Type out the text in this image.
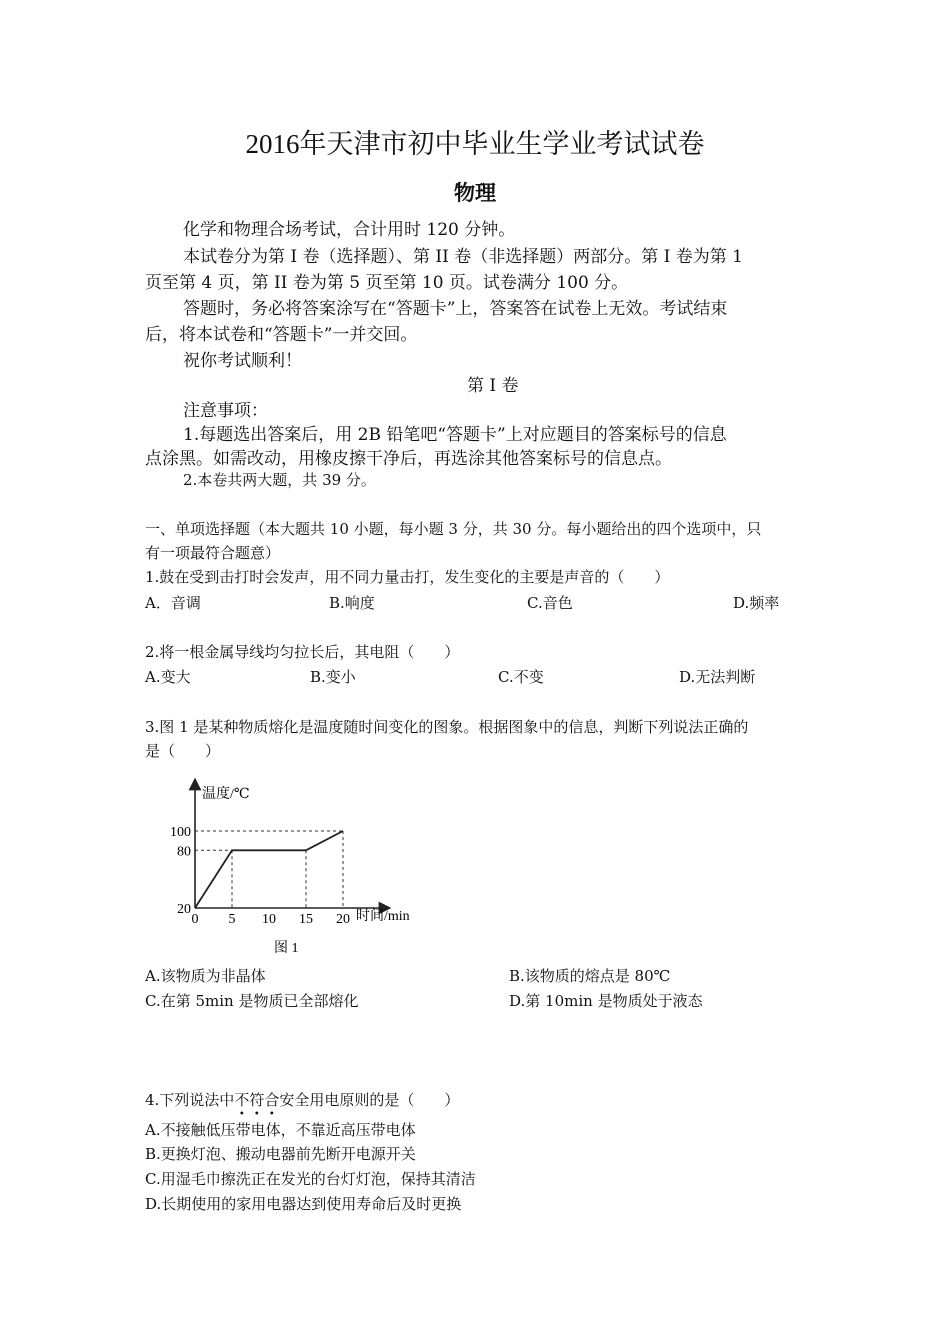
2016年天津市初中毕业生学业考试试卷
物理
化学和物理合场考试，合计用时 120 分钟。
本试卷分为第 I 卷（选择题）、第 II 卷（非选择题）两部分。第 I 卷为第 1
页至第 4 页，第 II 卷为第 5 页至第 10 页。试卷满分 100 分。
答题时，务必将答案涂写在“答题卡”上，答案答在试卷上无效。考试结束
后，将本试卷和“答题卡”一并交回。
祝你考试顺利！
第 I 卷
注意事项：
1.每题选出答案后，用 2B 铅笔吧“答题卡”上对应题目的答案标号的信息
点涂黑。如需改动，用橡皮擦干净后，再选涂其他答案标号的信息点。
2.本卷共两大题，共 39 分。
一、单项选择题（本大题共 10 小题，每小题 3 分，共 30 分。每小题给出的四个选项中，只
有一项最符合题意）
1.鼓在受到击打时会发声，用不同力量击打，发生变化的主要是声音的（　　）
A．音调	B.响度	C.音色	D.频率
2.将一根金属导线均匀拉长后，其电阻（　　）
A.变大	B.变小	C.不变	D.无法判断
3.图 1 是某种物质熔化是温度随时间变化的图象。根据图象中的信息，判断下列说法正确的
是（　　）
0 5 10 15 20
20
80
100
温度/℃
时间/min
图 1
A.该物质为非晶体	B.该物质的熔点是 80℃
C.在第 5min 是物质已全部熔化	D.第 10min 是物质处于液态
4.下列说法中不符合安全用电原则的是（　　）
A.不接触低压带电体，不靠近高压带电体
B.更换灯泡、搬动电器前先断开电源开关
C.用湿毛巾擦洗正在发光的台灯灯泡，保持其清洁
D.长期使用的家用电器达到使用寿命后及时更换
